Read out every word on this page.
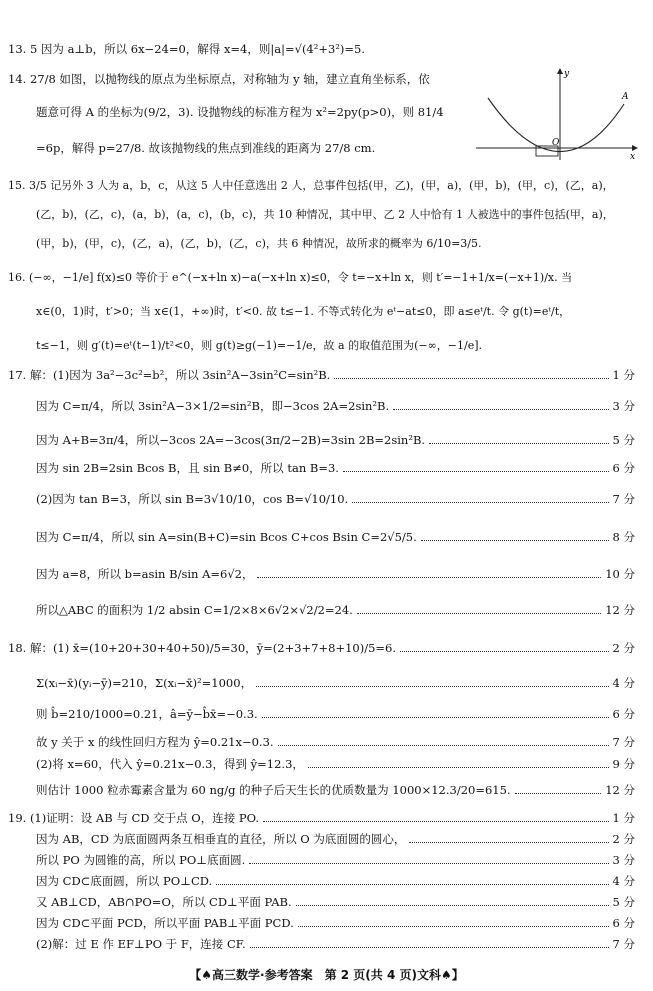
13. 5 因为 a⊥b，所以 6x−24=0，解得 x=4，则|a|=√(4²+3²)=5.
14. 27/8 如图，以抛物线的原点为坐标原点，对称轴为 y 轴，建立直角坐标系，依
题意可得 A 的坐标为(9/2，3). 设抛物线的标准方程为 x²=2py(p>0)，则 81/4
=6p，解得 p=27/8. 故该抛物线的焦点到准线的距离为 27/8 cm.
15. 3/5 记另外 3 人为 a，b，c，从这 5 人中任意选出 2 人，总事件包括(甲，乙)，(甲，a)，(甲，b)，(甲，c)，(乙，a)，
(乙，b)，(乙，c)，(a，b)，(a，c)，(b，c)，共 10 种情况，其中甲、乙 2 人中恰有 1 人被选中的事件包括(甲，a)，
(甲，b)，(甲，c)，(乙，a)，(乙，b)，(乙，c)，共 6 种情况，故所求的概率为 6/10=3/5.
16. (−∞，−1/e] f(x)≤0 等价于 e^(−x+ln x)−a(−x+ln x)≤0，令 t=−x+ln x，则 t′=−1+1/x=(−x+1)/x. 当
x∈(0，1)时，t′>0；当 x∈(1，+∞)时，t′<0. 故 t≤−1. 不等式转化为 eᵗ−at≤0，即 a≤eᵗ/t. 令 g(t)=eᵗ/t，
t≤−1，则 g′(t)=eᵗ(t−1)/t²<0，则 g(t)≥g(−1)=−1/e，故 a 的取值范围为(−∞，−1/e].
y
x
O
A
17. 解：(1)因为 3a²−3c²=b²，所以 3sin²A−3sin²C=sin²B.	1 分
因为 C=π/4，所以 3sin²A−3×1/2=sin²B，即−3cos 2A=2sin²B.	3 分
因为 A+B=3π/4，所以−3cos 2A=−3cos(3π/2−2B)=3sin 2B=2sin²B.	5 分
因为 sin 2B=2sin Bcos B，且 sin B≠0，所以 tan B=3.	6 分
(2)因为 tan B=3，所以 sin B=3√10/10，cos B=√10/10.	7 分
因为 C=π/4，所以 sin A=sin(B+C)=sin Bcos C+cos Bsin C=2√5/5.	8 分
因为 a=8，所以 b=asin B/sin A=6√2，	10 分
所以△ABC 的面积为 1/2 absin C=1/2×8×6√2×√2/2=24.	12 分
18. 解：(1) x̄=(10+20+30+40+50)/5=30，ȳ=(2+3+7+8+10)/5=6.	2 分
Σ(xᵢ−x̄)(yᵢ−ȳ)=210，Σ(xᵢ−x̄)²=1000，	4 分
则 b̂=210/1000=0.21，â=ȳ−b̂x̄=−0.3.	6 分
故 y 关于 x 的线性回归方程为 ŷ=0.21x−0.3.	7 分
(2)将 x=60，代入 ŷ=0.21x−0.3，得到 ŷ=12.3，	9 分
则估计 1000 粒赤霉素含量为 60 ng/g 的种子后天生长的优质数量为 1000×12.3/20=615.	12 分
19. (1)证明：设 AB 与 CD 交于点 O，连接 PO.	1 分
因为 AB，CD 为底面圆两条互相垂直的直径，所以 O 为底面圆的圆心，	2 分
所以 PO 为圆锥的高，所以 PO⊥底面圆.	3 分
因为 CD⊂底面圆，所以 PO⊥CD.	4 分
又 AB⊥CD，AB∩PO=O，所以 CD⊥平面 PAB.	5 分
因为 CD⊂平面 PCD，所以平面 PAB⊥平面 PCD.	6 分
(2)解：过 E 作 EF⊥PO 于 F，连接 CF.	7 分
【♠高三数学·参考答案　第 2 页(共 4 页)文科♠】
